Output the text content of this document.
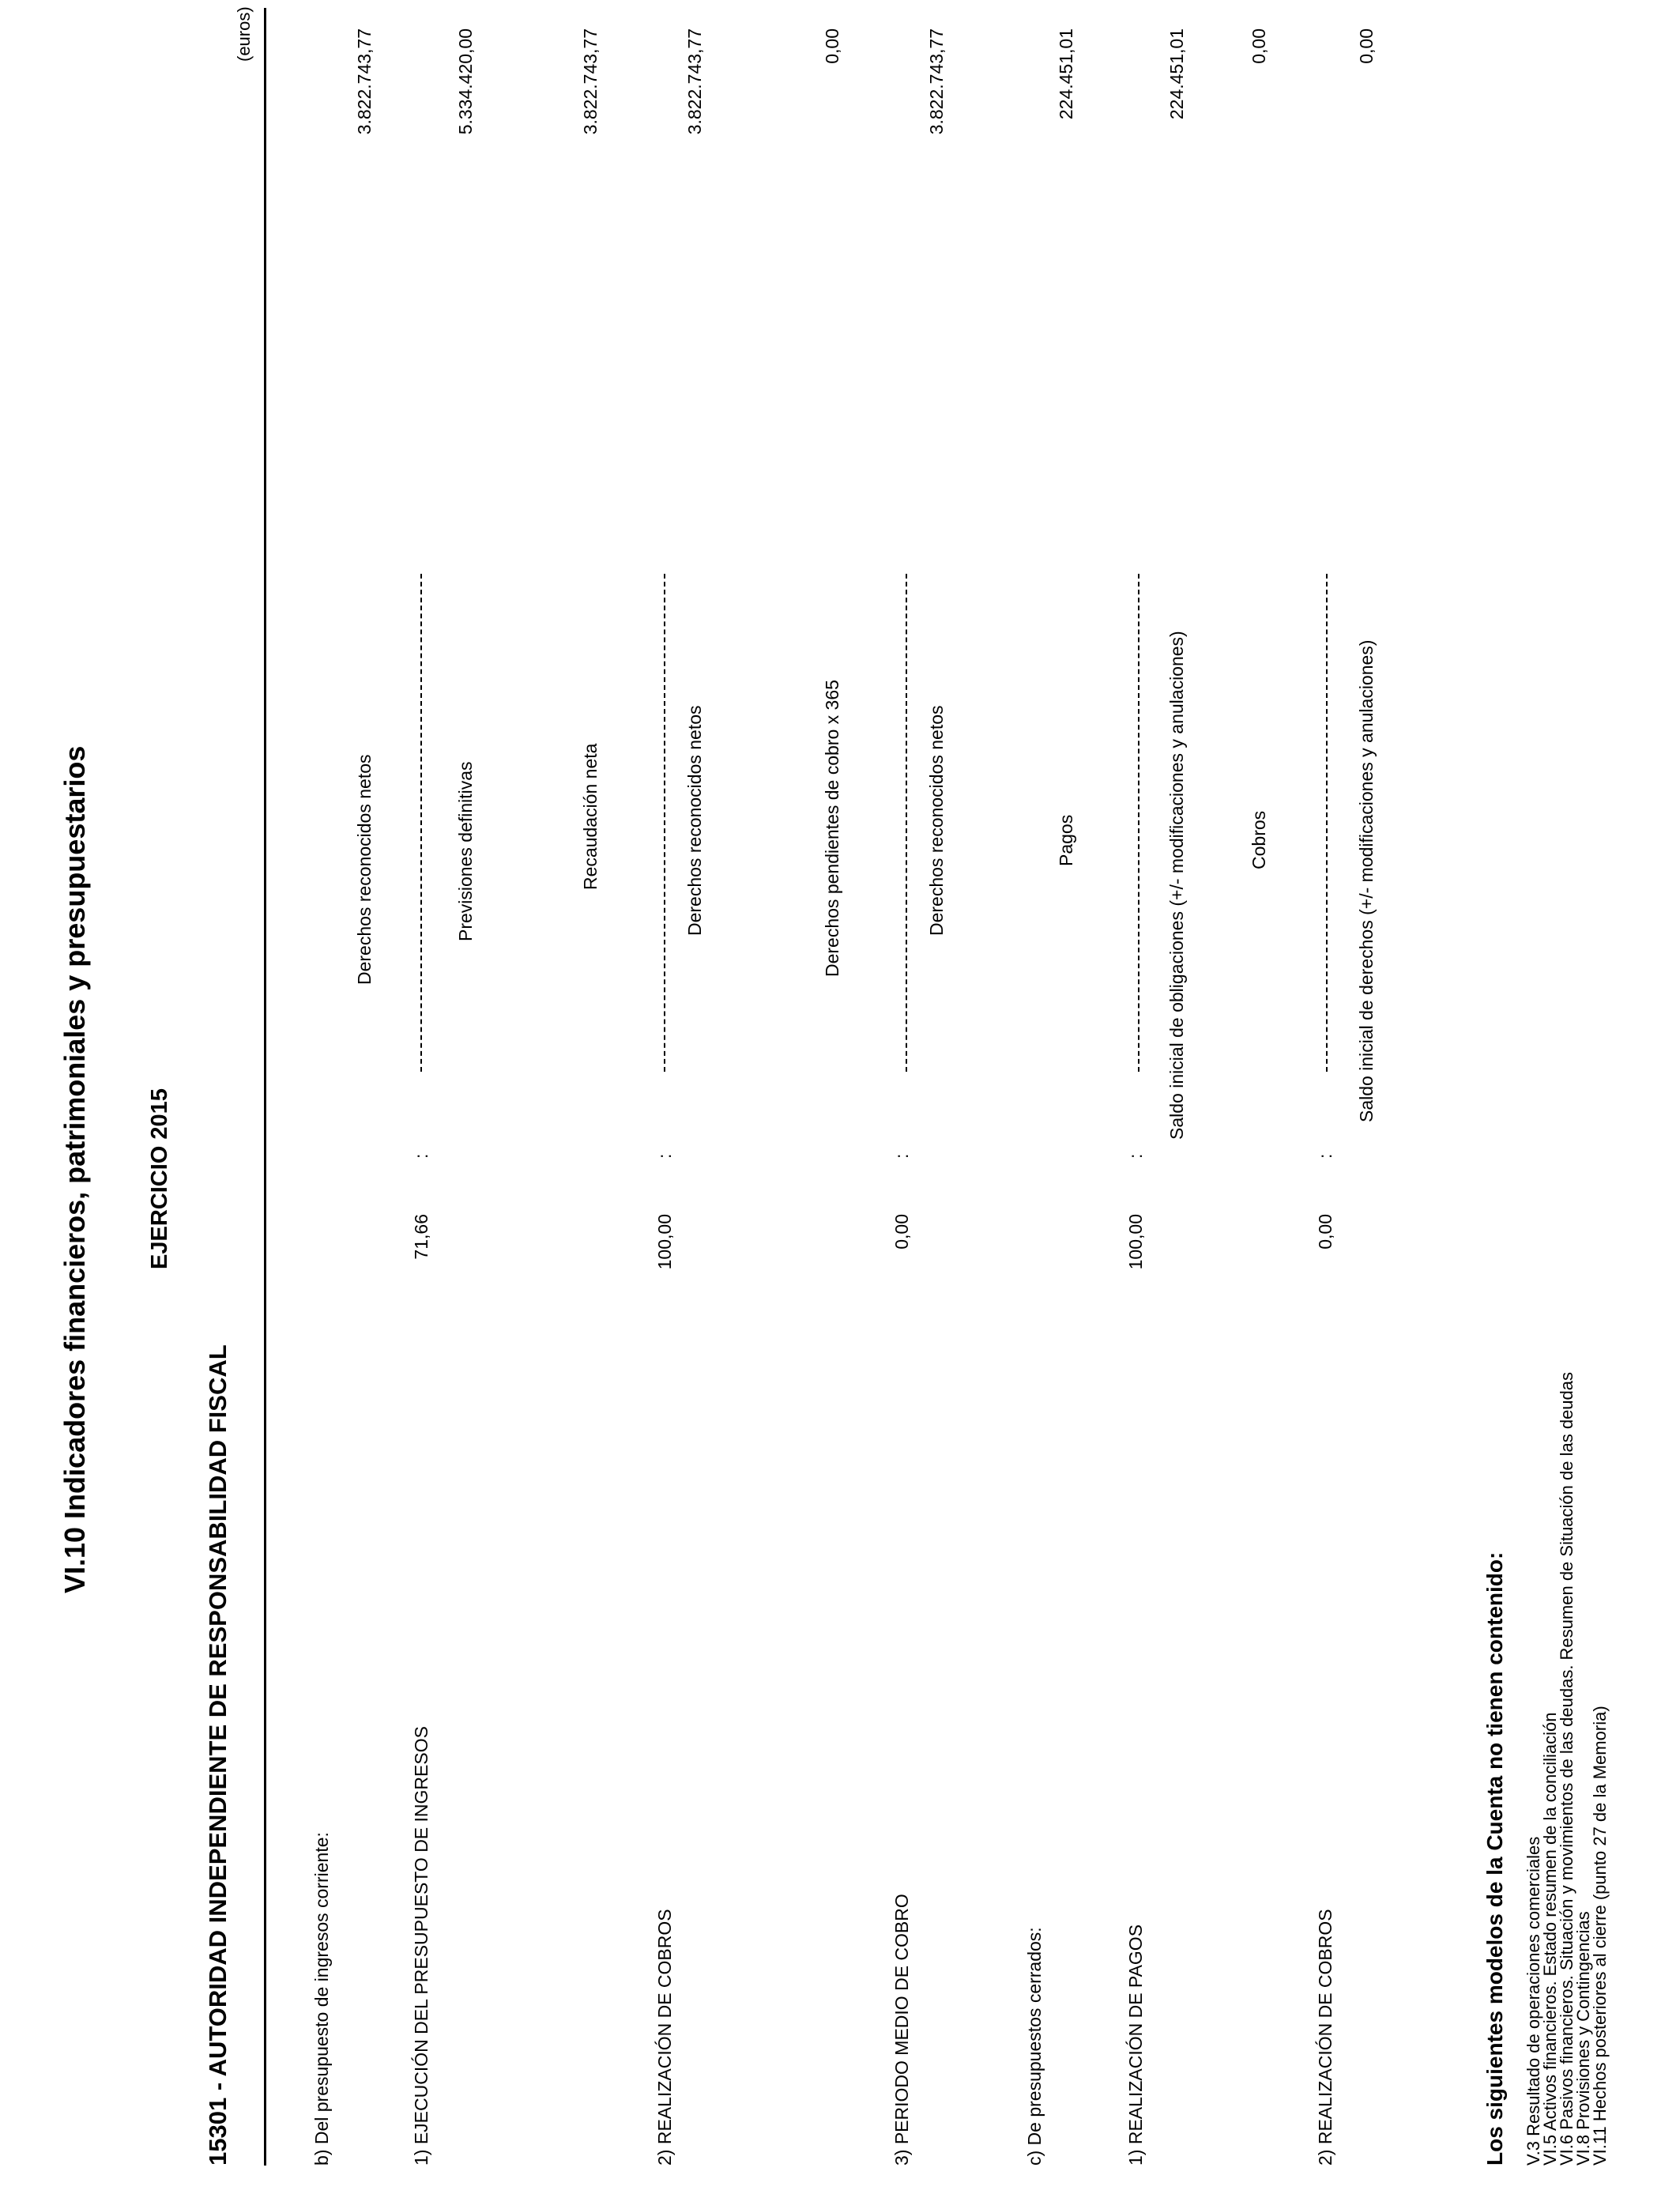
VI.10 Indicadores financieros, patrimoniales y presupuestarios EJERCICIO 2015
15301 - AUTORIDAD INDEPENDIENTE DE RESPONSABILIDAD FISCAL
(euros)
b) Del presupuesto de ingresos corriente:	1) EJECUCIÓN DEL PRESUPUESTO DE INGRESOS
71,66
:
Derechos reconocidos netos
3.822.743,77
Previsiones definitivas
5.334.420,00
2) REALIZACIÓN DE COBROS
100,00
:
Recaudación neta
3.822.743,77
Derechos reconocidos netos
3.822.743,77
3) PERIODO MEDIO DE COBRO
0,00
:
Derechos pendientes de cobro x 365
0,00
Derechos reconocidos netos
3.822.743,77
c) De presupuestos cerrados:	1) REALIZACIÓN DE PAGOS
100,00
:
Pagos
224.451,01
Saldo inicial de obligaciones (+/- modificaciones y anulaciones)
224.451,01
2) REALIZACIÓN DE COBROS
0,00
:
Cobros
0,00
Saldo inicial de derechos (+/- modificaciones y anulaciones)
0,00
Los siguientes modelos de la Cuenta no tienen contenido: V.3 Resultado de operaciones comerciales
VI.5 Activos financieros. Estado resumen de la conciliación
VI.6 Pasivos financieros. Situación y movimientos de las deudas. Resumen de Situación de las deudas
VI.8 Provisiones y Contingencias
VI.11 Hechos posteriores al cierre (punto 27 de la Memoria)
